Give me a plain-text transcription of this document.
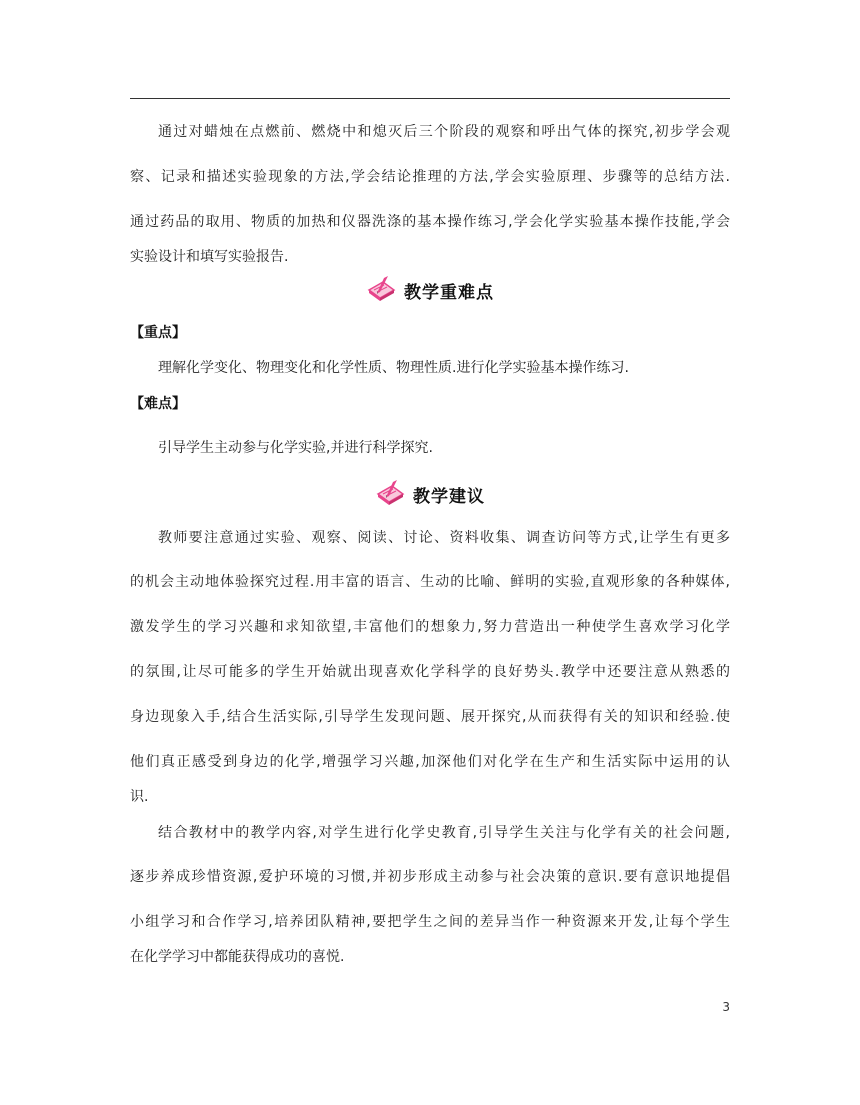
通过对蜡烛在点燃前、燃烧中和熄灭后三个阶段的观察和呼出气体的探究,初步学会观
察、记录和描述实验现象的方法,学会结论推理的方法,学会实验原理、步骤等的总结方法.
通过药品的取用、物质的加热和仪器洗涤的基本操作练习,学会化学实验基本操作技能,学会
实验设计和填写实验报告.
教学重难点
【重点】
理解化学变化、物理变化和化学性质、物理性质.进行化学实验基本操作练习.
【难点】
引导学生主动参与化学实验,并进行科学探究.
教学建议
教师要注意通过实验、观察、阅读、讨论、资料收集、调查访问等方式,让学生有更多
的机会主动地体验探究过程.用丰富的语言、生动的比喻、鲜明的实验,直观形象的各种媒体,
激发学生的学习兴趣和求知欲望,丰富他们的想象力,努力营造出一种使学生喜欢学习化学
的氛围,让尽可能多的学生开始就出现喜欢化学科学的良好势头.教学中还要注意从熟悉的
身边现象入手,结合生活实际,引导学生发现问题、展开探究,从而获得有关的知识和经验.使
他们真正感受到身边的化学,增强学习兴趣,加深他们对化学在生产和生活实际中运用的认
识.
结合教材中的教学内容,对学生进行化学史教育,引导学生关注与化学有关的社会问题,
逐步养成珍惜资源,爱护环境的习惯,并初步形成主动参与社会决策的意识.要有意识地提倡
小组学习和合作学习,培养团队精神,要把学生之间的差异当作一种资源来开发,让每个学生
在化学学习中都能获得成功的喜悦.
3
